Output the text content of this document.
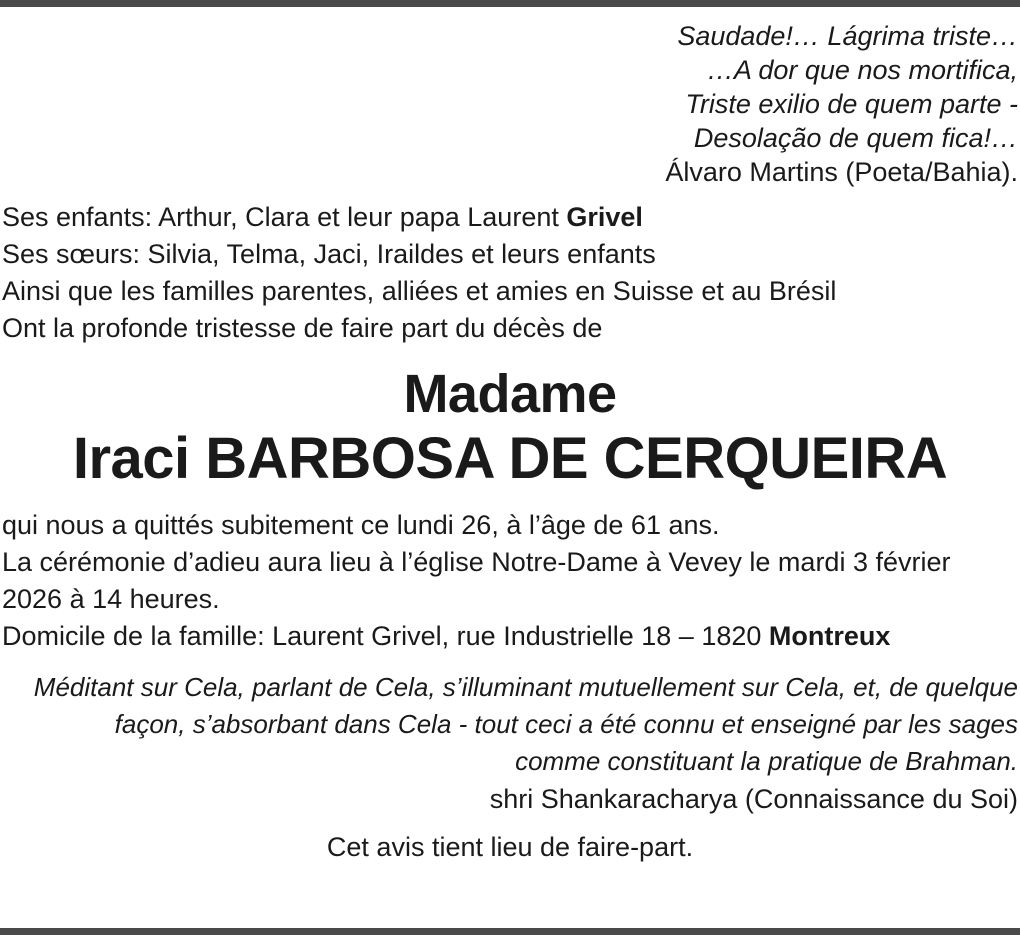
Saudade!… Lágrima triste…
…A dor que nos mortifica,
Triste exilio de quem parte -
Desolação de quem fica!…
Álvaro Martins (Poeta/Bahia).
Ses enfants: Arthur, Clara et leur papa Laurent Grivel
Ses sœurs: Silvia, Telma, Jaci, Iraildes et leurs enfants
Ainsi que les familles parentes, alliées et amies en Suisse et au Brésil
Ont la profonde tristesse de faire part du décès de
Madame
Iraci BARBOSA DE CERQUEIRA
qui nous a quittés subitement ce lundi 26, à l’âge de 61 ans.
La cérémonie d’adieu aura lieu à l’église Notre-Dame à Vevey le mardi 3 février
2026 à 14 heures.
Domicile de la famille: Laurent Grivel, rue Industrielle 18 – 1820 Montreux
Méditant sur Cela, parlant de Cela, s’illuminant mutuellement sur Cela, et, de quelque façon, s’absorbant dans Cela - tout ceci a été connu et enseigné par les sages comme constituant la pratique de Brahman.
shri Shankaracharya (Connaissance du Soi)
Cet avis tient lieu de faire-part.
